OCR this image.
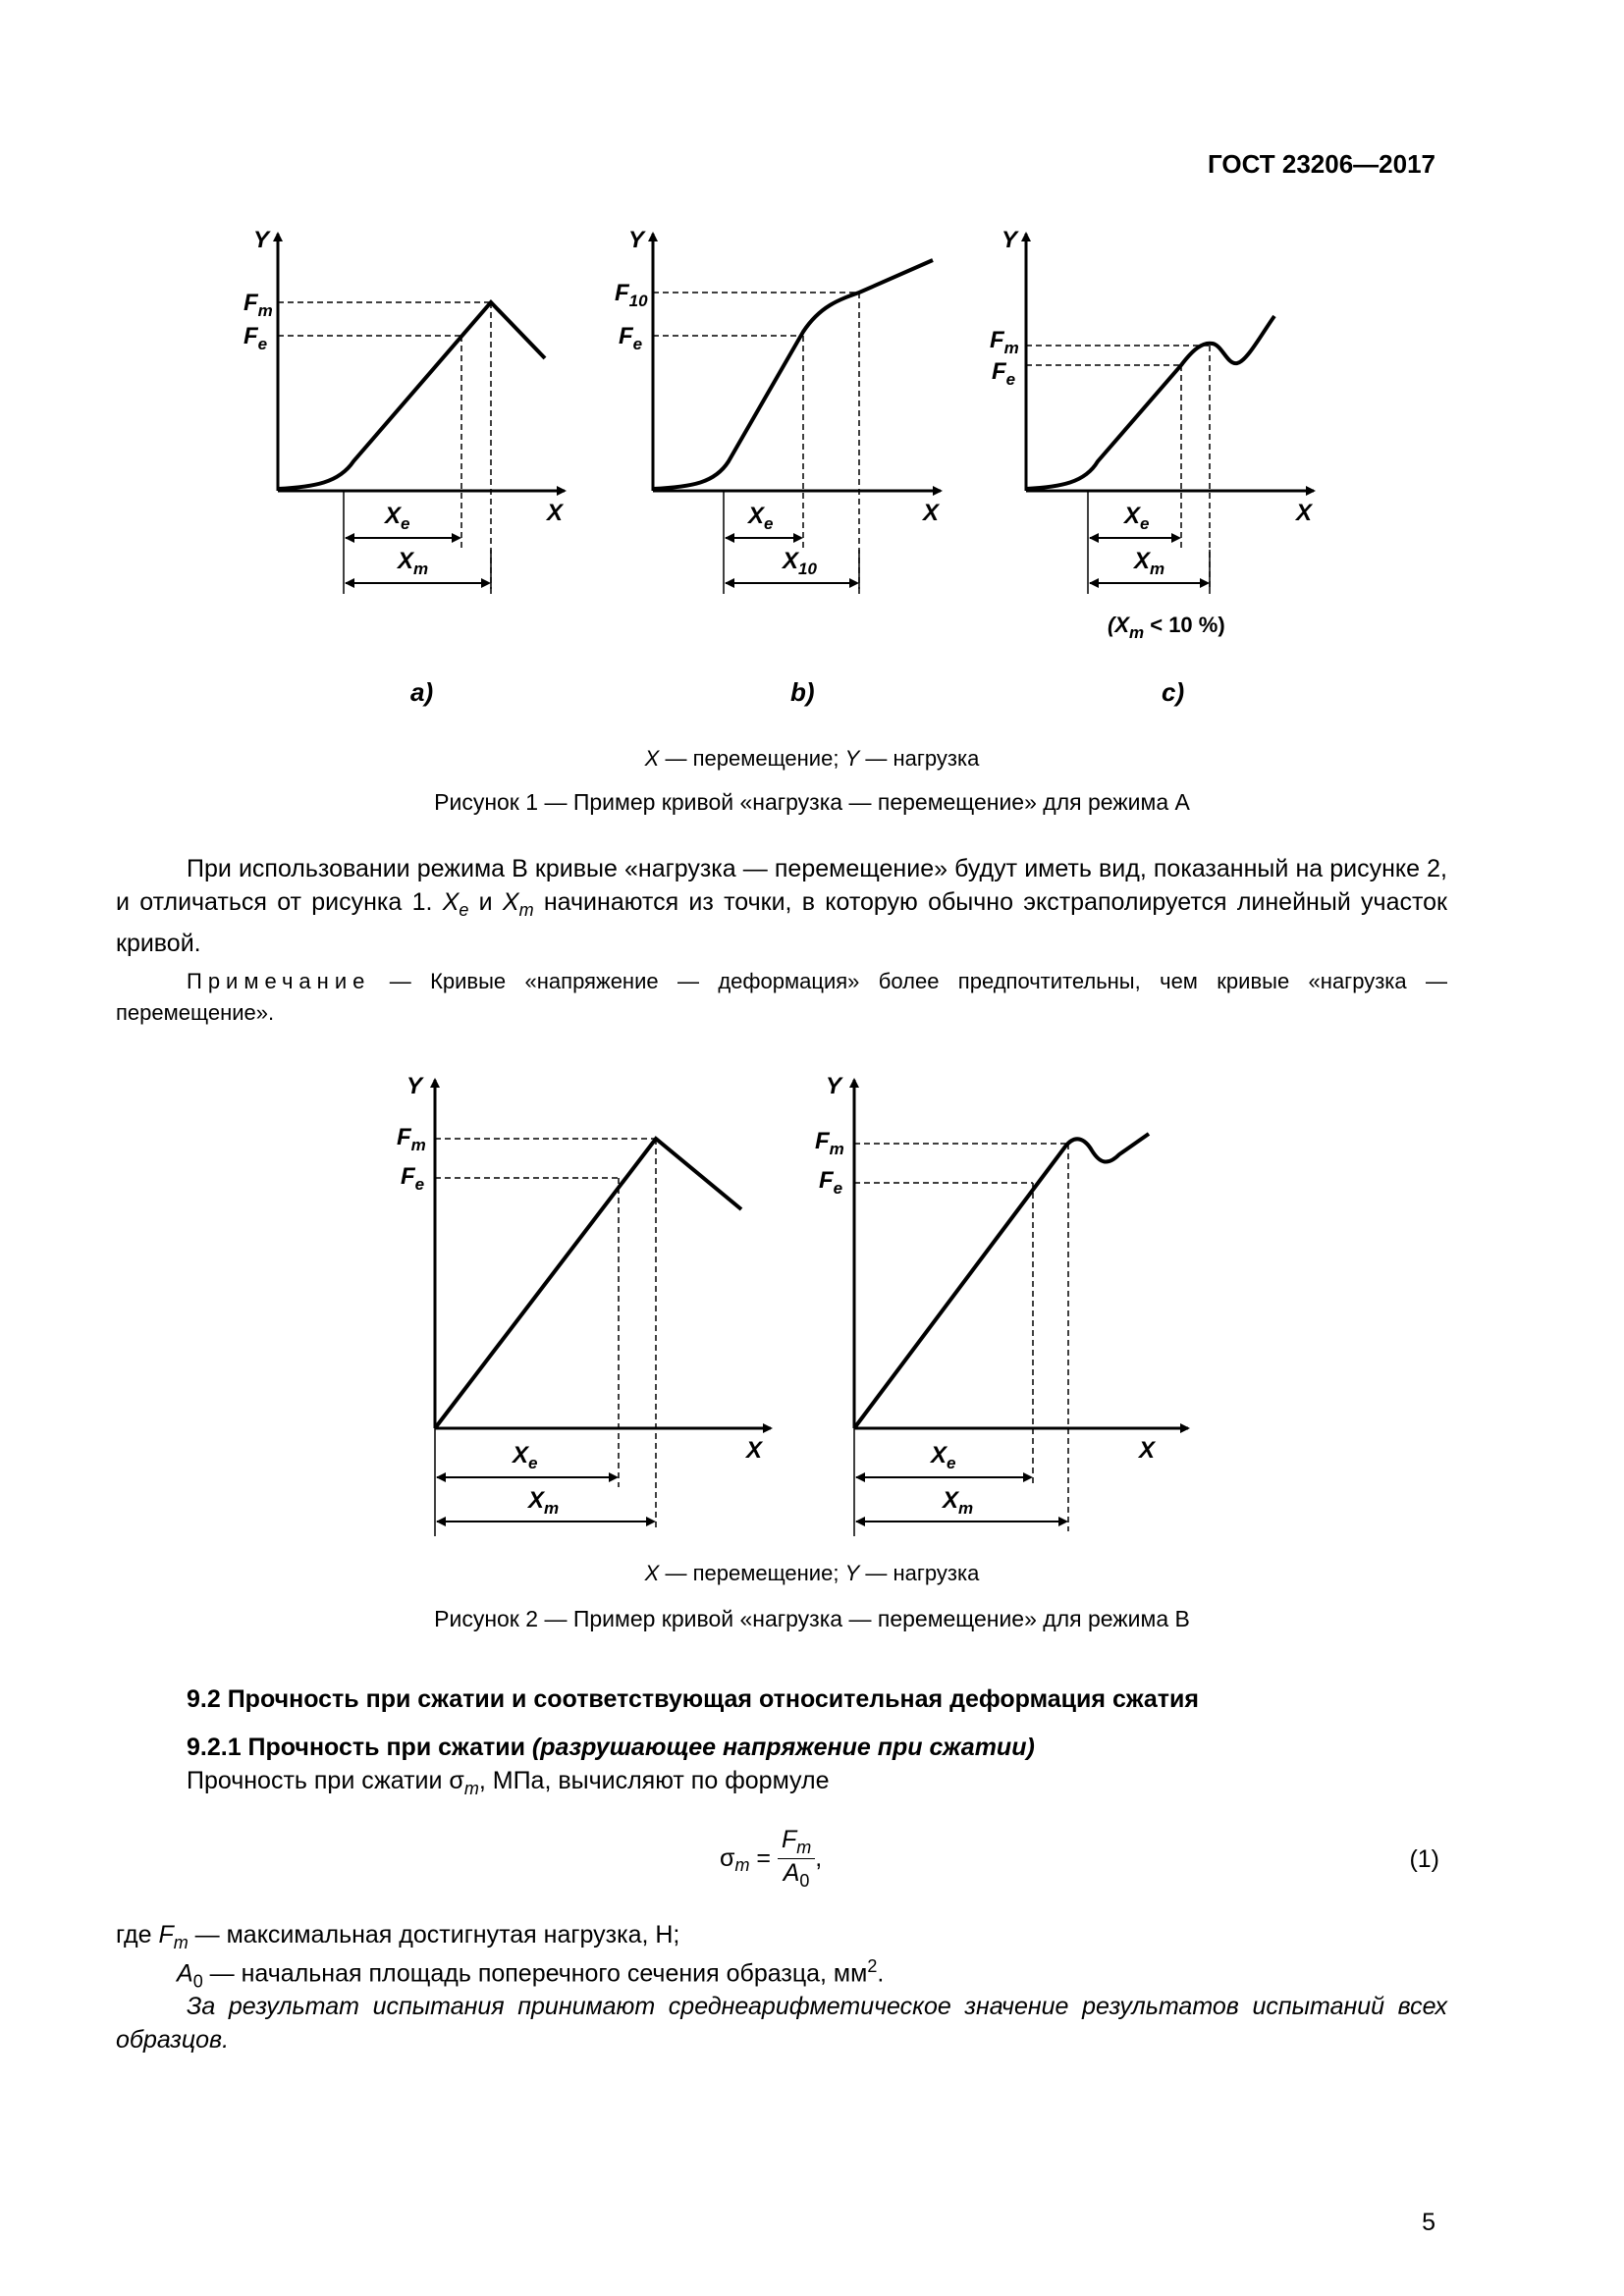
ГОСТ 23206—2017
Y
X
$F_m$
$F_e$
$X_e$
$X_m$
a)
Y
X
$F_{10}$
$F_e$
$X_e$
$X_{10}$
b)
Y
X
$F_m$
$F_e$
$X_e$
$X_m$
($X_m < 10$ %)
c)
X — перемещение; Y — нагрузка
Рисунок 1 — Пример кривой «нагрузка — перемещение» для режима А

При использовании режима В кривые «нагрузка — перемещение» будут иметь вид, показанный на рисунке 2, и отличаться от рисунка 1. $X_e$ и $X_m$ начинаются из точки, в которую обычно экстраполируется линейный участок кривой.

Примечание — Кривые «напряжение — деформация» более предпочтительны, чем кривые «нагрузка — перемещение».
Y
X
$F_m$
$F_e$
$X_e$
$X_m$
Y
X
$F_m$
$F_e$
$X_e$
$X_m$
X — перемещение; Y — нагрузка
Рисунок 2 — Пример кривой «нагрузка — перемещение» для режима В
9.2 Прочность при сжатии и соответствующая относительная деформация сжатия
9.2.1 Прочность при сжатии (разрушающее напряжение при сжатии)
Прочность при сжатии $\sigma_m$, МПа, вычисляют по формуле
$\sigma_m = \frac{F_m}{A_0}$ ,	(1)
где $F_m$ — максимальная достигнутая нагрузка, Н;
$A_0$ — начальная площадь поперечного сечения образца, $мм^2$.

За результат испытания принимают среднеарифметическое значение результатов испытаний всех образцов.

5
